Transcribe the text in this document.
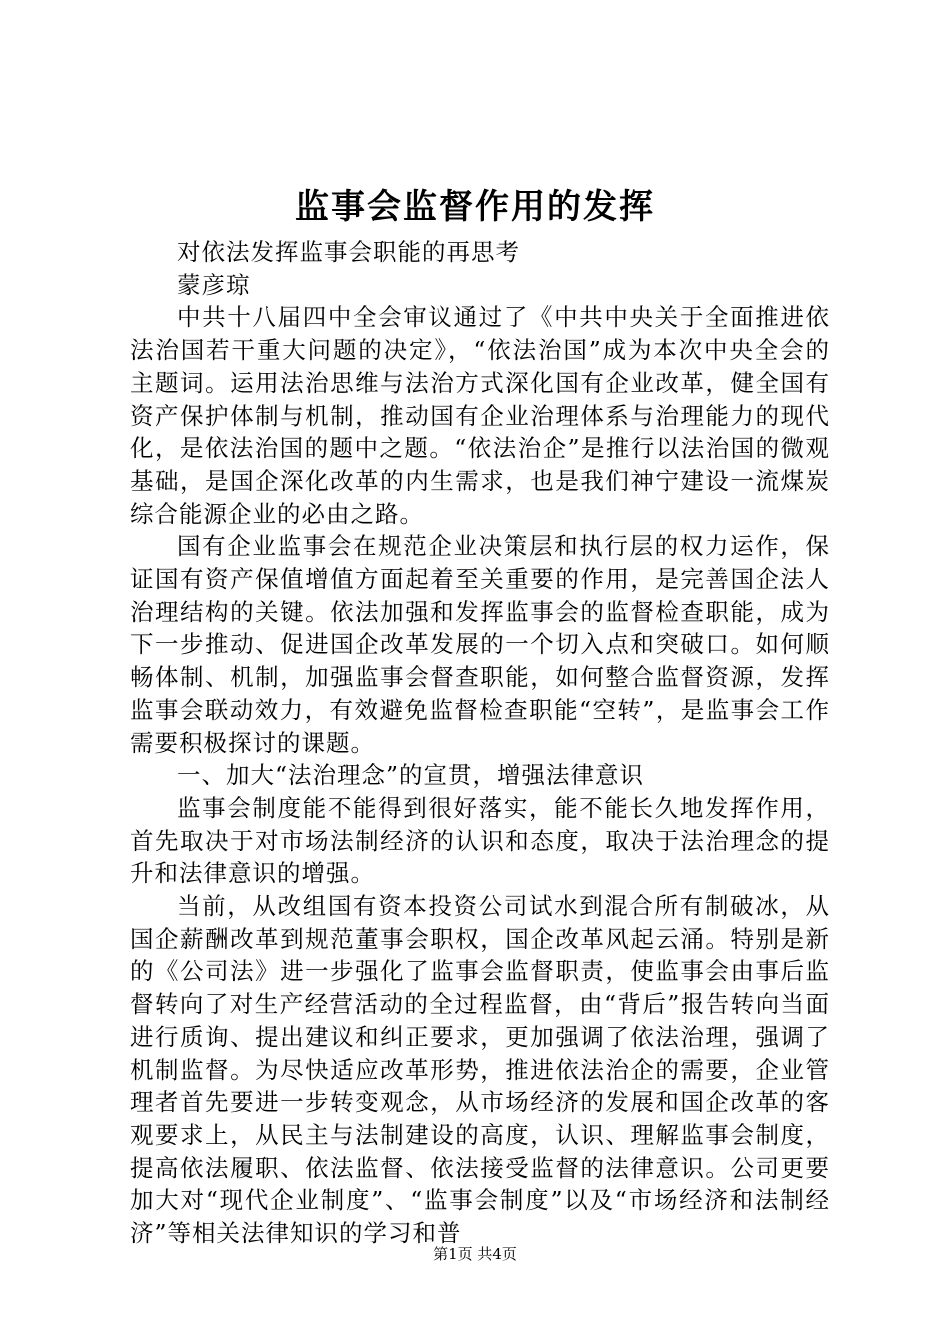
监事会监督作用的发挥

对依法发挥监事会职能的再思考

蒙彦琼

中共十八届四中全会审议通过了《中共中央关于全面推进依法治国若干重大问题的决定》，“依法治国”成为本次中央全会的主题词。运用法治思维与法治方式深化国有企业改革，健全国有资产保护体制与机制，推动国有企业治理体系与治理能力的现代化，是依法治国的题中之题。“依法治企”是推行以法治国的微观基础，是国企深化改革的内生需求，也是我们神宁建设一流煤炭综合能源企业的必由之路。

国有企业监事会在规范企业决策层和执行层的权力运作，保证国有资产保值增值方面起着至关重要的作用，是完善国企法人治理结构的关键。依法加强和发挥监事会的监督检查职能，成为下一步推动、促进国企改革发展的一个切入点和突破口。如何顺畅体制、机制，加强监事会督查职能，如何整合监督资源，发挥监事会联动效力，有效避免监督检查职能“空转”，是监事会工作需要积极探讨的课题。

一、加大“法治理念”的宣贯，增强法律意识

监事会制度能不能得到很好落实，能不能长久地发挥作用，首先取决于对市场法制经济的认识和态度，取决于法治理念的提升和法律意识的增强。

当前，从改组国有资本投资公司试水到混合所有制破冰，从国企薪酬改革到规范董事会职权，国企改革风起云涌。特别是新的《公司法》进一步强化了监事会监督职责，使监事会由事后监督转向了对生产经营活动的全过程监督，由“背后”报告转向当面进行质询、提出建议和纠正要求，更加强调了依法治理，强调了机制监督。为尽快适应改革形势，推进依法治企的需要，企业管理者首先要进一步转变观念，从市场经济的发展和国企改革的客观要求上，从民主与法制建设的高度，认识、理解监事会制度，提高依法履职、依法监督、依法接受监督的法律意识。公司更要加大对“现代企业制度”、“监事会制度”以及“市场经济和法制经济”等相关法律知识的学习和普

第1页 共4页
